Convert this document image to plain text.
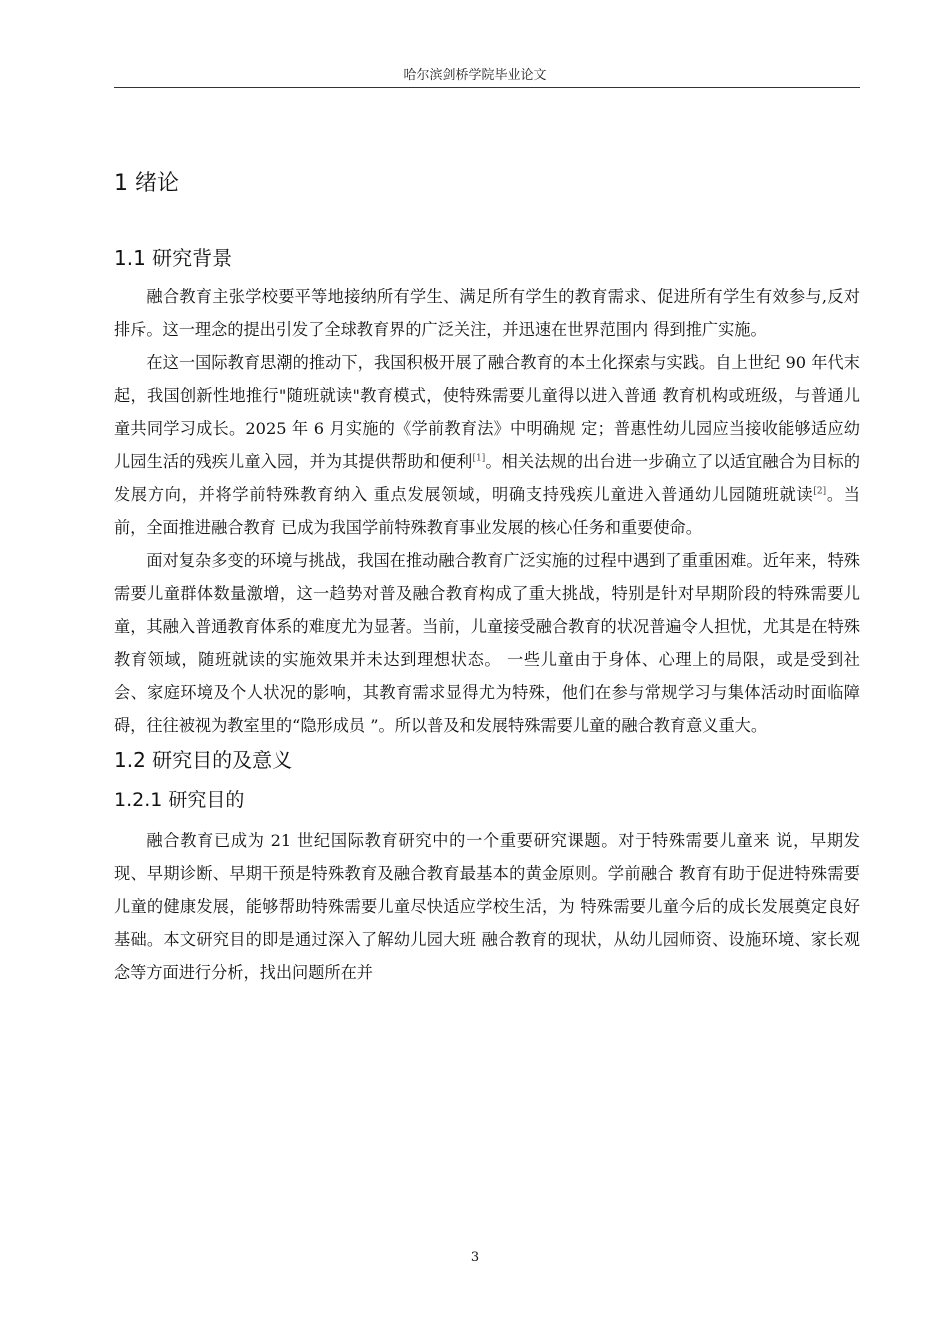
哈尔滨剑桥学院毕业论文
1 绪论
1.1 研究背景

融合教育主张学校要平等地接纳所有学生、满足所有学生的教育需求、促进所有学生有效参与,反对排斥。这一理念的提出引发了全球教育界的广泛关注，并迅速在世界范围内 得到推广实施。

在这一国际教育思潮的推动下，我国积极开展了融合教育的本土化探索与实践。自上世纪 90 年代末起，我国创新性地推行"随班就读"教育模式，使特殊需要儿童得以进入普通 教育机构或班级，与普通儿童共同学习成长。2025 年 6 月实施的《学前教育法》中明确规 定；普惠性幼儿园应当接收能够适应幼儿园生活的残疾儿童入园，并为其提供帮助和便利[1]。相关法规的出台进一步确立了以适宜融合为目标的发展方向，并将学前特殊教育纳入 重点发展领域，明确支持残疾儿童进入普通幼儿园随班就读[2]。当前，全面推进融合教育 已成为我国学前特殊教育事业发展的核心任务和重要使命。

面对复杂多变的环境与挑战，我国在推动融合教育广泛实施的过程中遇到了重重困难。近年来，特殊需要儿童群体数量激增，这一趋势对普及融合教育构成了重大挑战，特别是针对早期阶段的特殊需要儿童，其融入普通教育体系的难度尤为显著。当前，儿童接受融合教育的状况普遍令人担忧，尤其是在特殊教育领域，随班就读的实施效果并未达到理想状态。 一些儿童由于身体、心理上的局限，或是受到社会、家庭环境及个人状况的影响，其教育需求显得尤为特殊，他们在参与常规学习与集体活动时面临障碍，往往被视为教室里的“隐形成员 ”。所以普及和发展特殊需要儿童的融合教育意义重大。

1.2 研究目的及意义
1.2.1 研究目的

融合教育已成为 21 世纪国际教育研究中的一个重要研究课题。对于特殊需要儿童来 说，早期发现、早期诊断、早期干预是特殊教育及融合教育最基本的黄金原则。学前融合 教育有助于促进特殊需要儿童的健康发展，能够帮助特殊需要儿童尽快适应学校生活，为 特殊需要儿童今后的成长发展奠定良好基础。本文研究目的即是通过深入了解幼儿园大班 融合教育的现状，从幼儿园师资、设施环境、家长观念等方面进行分析，找出问题所在并

3
